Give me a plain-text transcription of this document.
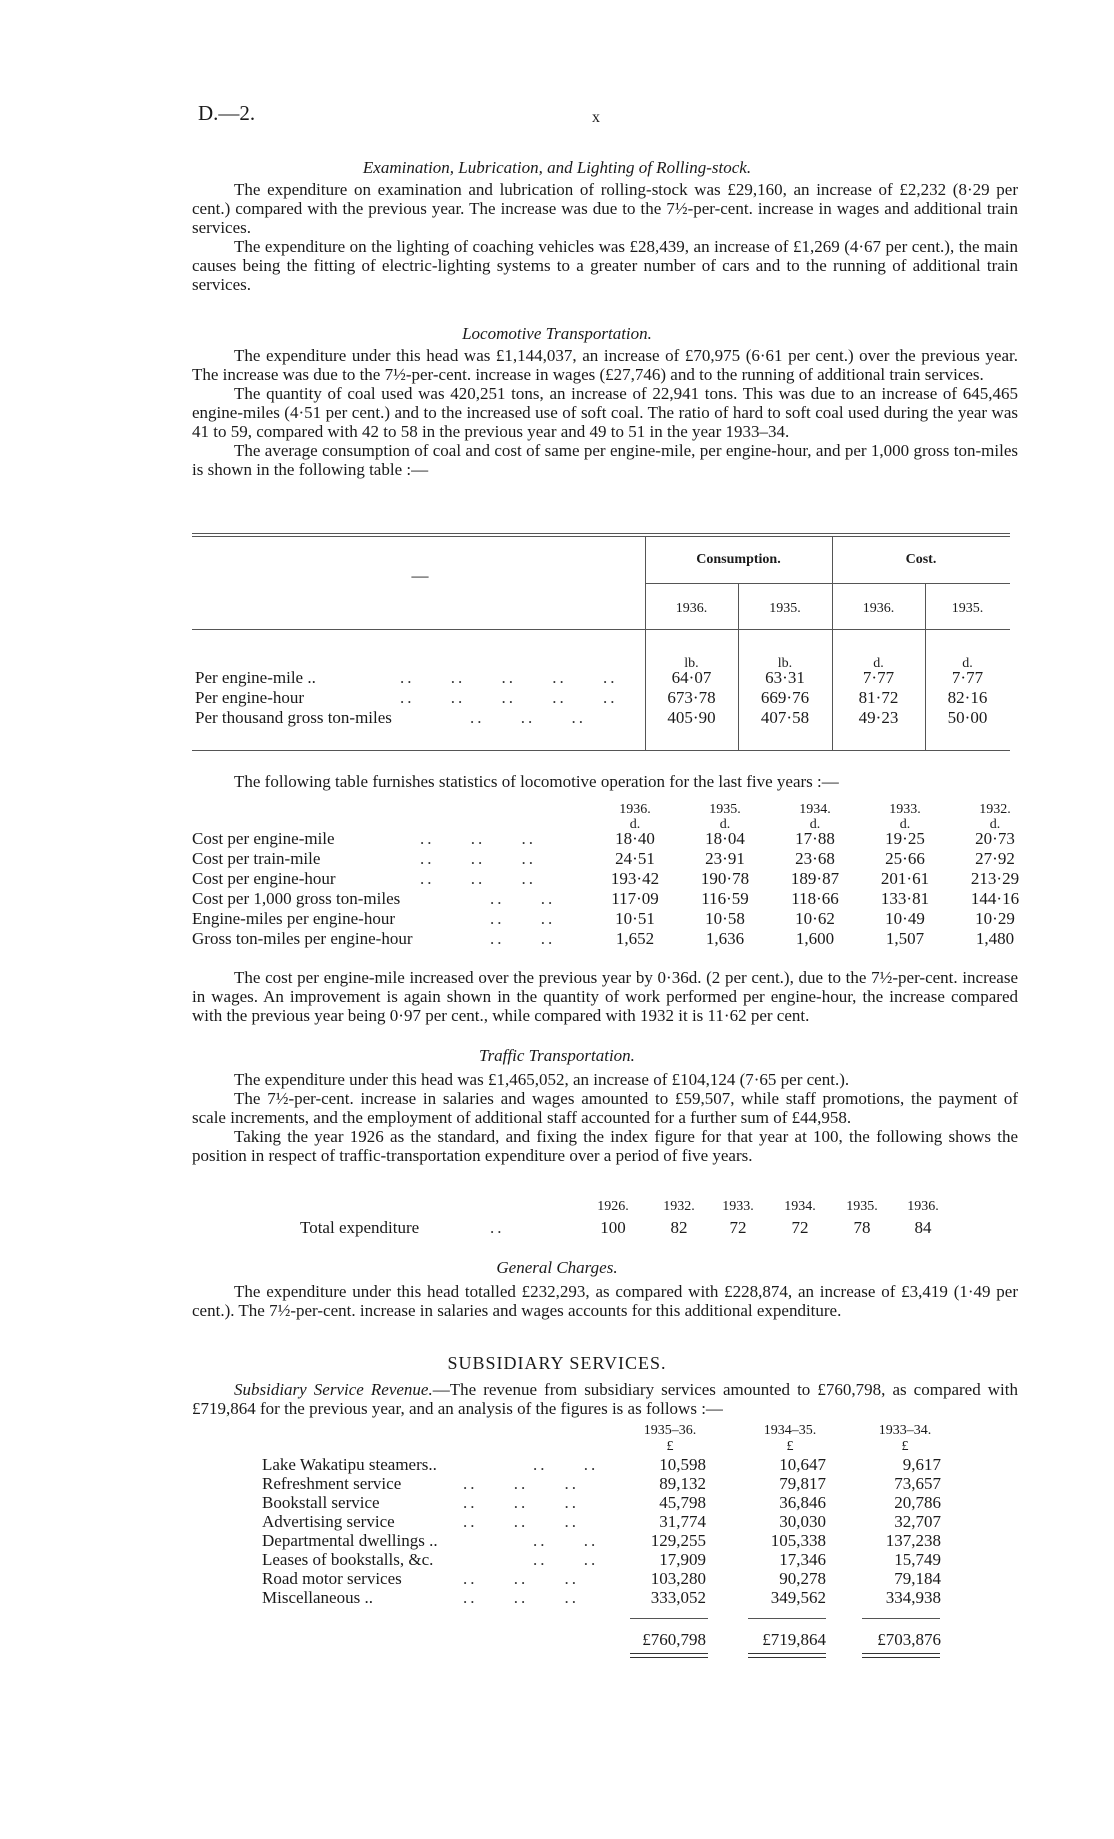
D.—2.	x
Examination, Lubrication, and Lighting of Rolling-stock.

The expenditure on examination and lubrication of rolling-stock was £29,160, an increase of £2,232 (8·29 per cent.) compared with the previous year. The increase was due to the 7½-per-cent. increase in wages and additional train services.

The expenditure on the lighting of coaching vehicles was £28,439, an increase of £1,269 (4·67 per cent.), the main causes being the fitting of electric-lighting systems to a greater number of cars and to the running of additional train services.

Locomotive Transportation.

The expenditure under this head was £1,144,037, an increase of £70,975 (6·61 per cent.) over the previous year. The increase was due to the 7½-per-cent. increase in wages (£27,746) and to the running of additional train services.

The quantity of coal used was 420,251 tons, an increase of 22,941 tons. This was due to an increase of 645,465 engine-miles (4·51 per cent.) and to the increased use of soft coal. The ratio of hard to soft coal used during the year was 41 to 59, compared with 42 to 58 in the previous year and 49 to 51 in the year 1933–34.

The average consumption of coal and cost of same per engine-mile, per engine-hour, and per 1,000 gross ton-miles is shown in the following table :—

—
Consumption.	Cost.
1936.	1935.	1936.	1935.
lb.	lb.	d.	d.
Per engine-mile ..	..     ..     ..     ..     ..	64·07	63·31	7·77	7·77
Per engine-hour	..     ..     ..     ..     ..	673·78	669·76	81·72	82·16
Per thousand gross ton-miles	..     ..     ..	405·90	407·58	49·23	50·00

The following table furnishes statistics of locomotive operation for the last five years :—

1936.	1935.	1934.	1933.	1932.
d.	d.	d.	d.	d.
Cost per engine-mile	..     ..     ..	18·40	18·04	17·88	19·25	20·73
Cost per train-mile	..     ..     ..	24·51	23·91	23·68	25·66	27·92
Cost per engine-hour	..     ..     ..	193·42	190·78	189·87	201·61	213·29
Cost per 1,000 gross ton-miles	..     ..	117·09	116·59	118·66	133·81	144·16
Engine-miles per engine-hour	..     ..	10·51	10·58	10·62	10·49	10·29
Gross ton-miles per engine-hour	..     ..	1,652	1,636	1,600	1,507	1,480

The cost per engine-mile increased over the previous year by 0·36d. (2 per cent.), due to the 7½-per-cent. increase in wages. An improvement is again shown in the quantity of work performed per engine-hour, the increase compared with the previous year being 0·97 per cent., while compared with 1932 it is 11·62 per cent.

Traffic Transportation.

The expenditure under this head was £1,465,052, an increase of £104,124 (7·65 per cent.).

The 7½-per-cent. increase in salaries and wages amounted to £59,507, while staff promotions, the payment of scale increments, and the employment of additional staff accounted for a further sum of £44,958.

Taking the year 1926 as the standard, and fixing the index figure for that year at 100, the following shows the position in respect of traffic-transportation expenditure over a period of five years.

1926.	1932.	1933.	1934.	1935.	1936.
Total expenditure	..	100	82	72	72	78	84
General Charges.

The expenditure under this head totalled £232,293, as compared with £228,874, an increase of £3,419 (1·49 per cent.). The 7½-per-cent. increase in salaries and wages accounts for this additional expenditure.

SUBSIDIARY SERVICES.

Subsidiary Service Revenue.—The revenue from subsidiary services amounted to £760,798, as compared with £719,864 for the previous year, and an analysis of the figures is as follows :—

1935–36.	1934–35.	1933–34.
£	£	£
Lake Wakatipu steamers..	..     ..	10,598	10,647	9,617
Refreshment service	..     ..     ..	89,132	79,817	73,657
Bookstall service	..     ..     ..	45,798	36,846	20,786
Advertising service	..     ..     ..	31,774	30,030	32,707
Departmental dwellings ..	..     ..	129,255	105,338	137,238
Leases of bookstalls, &c.	..     ..	17,909	17,346	15,749
Road motor services	..     ..     ..	103,280	90,278	79,184
Miscellaneous ..	..     ..     ..	333,052	349,562	334,938
£760,798	£719,864	£703,876
